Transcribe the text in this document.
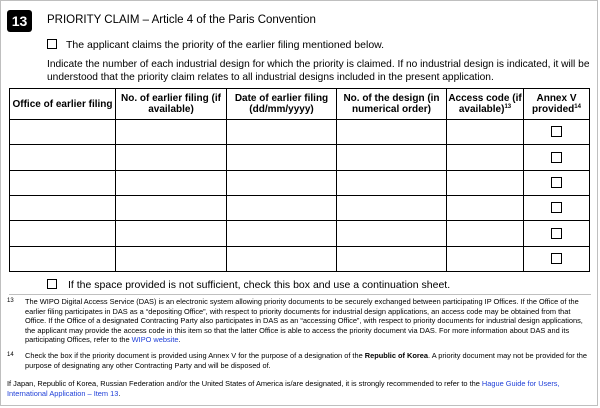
13	PRIORITY CLAIM – Article 4 of the Paris Convention
The applicant claims the priority of the earlier filing mentioned below.
Indicate the number of each industrial design for which the priority is claimed. If no industrial design is indicated, it will be understood that the priority claim relates to all industrial designs included in the present application.
Office of earlier filing	No. of earlier filing (if available)	Date of earlier filing (dd/mm/yyyy)	No. of the design (in numerical order)	Access code (if available)$^{13}$	Annex V provided$^{14}$

If the space provided is not sufficient, check this box and use a continuation sheet.
13 The WIPO Digital Access Service (DAS) is an electronic system allowing priority documents to be securely exchanged between participating IP Offices. If the Office of the earlier filing participates in DAS as a “depositing Office”, with respect to priority documents for industrial design applications, an access code may be obtained from that Office. If the Office of a designated Contracting Party also participates in DAS as an “accessing Office”, with respect to priority documents for industrial design applications, the applicant may provide the access code in this item so that the latter Office is able to access the priority document via DAS. For more information about DAS and its participating Offices, refer to the WIPO website.
14 Check the box if the priority document is provided using Annex V for the purpose of a designation of the Republic of Korea. A priority document may not be provided for the purpose of designating any other Contracting Party and will be disposed of.
If Japan, Republic of Korea, Russian Federation and/or the United States of America is/are designated, it is strongly recommended to refer to the Hague Guide for Users, International Application – Item 13.
